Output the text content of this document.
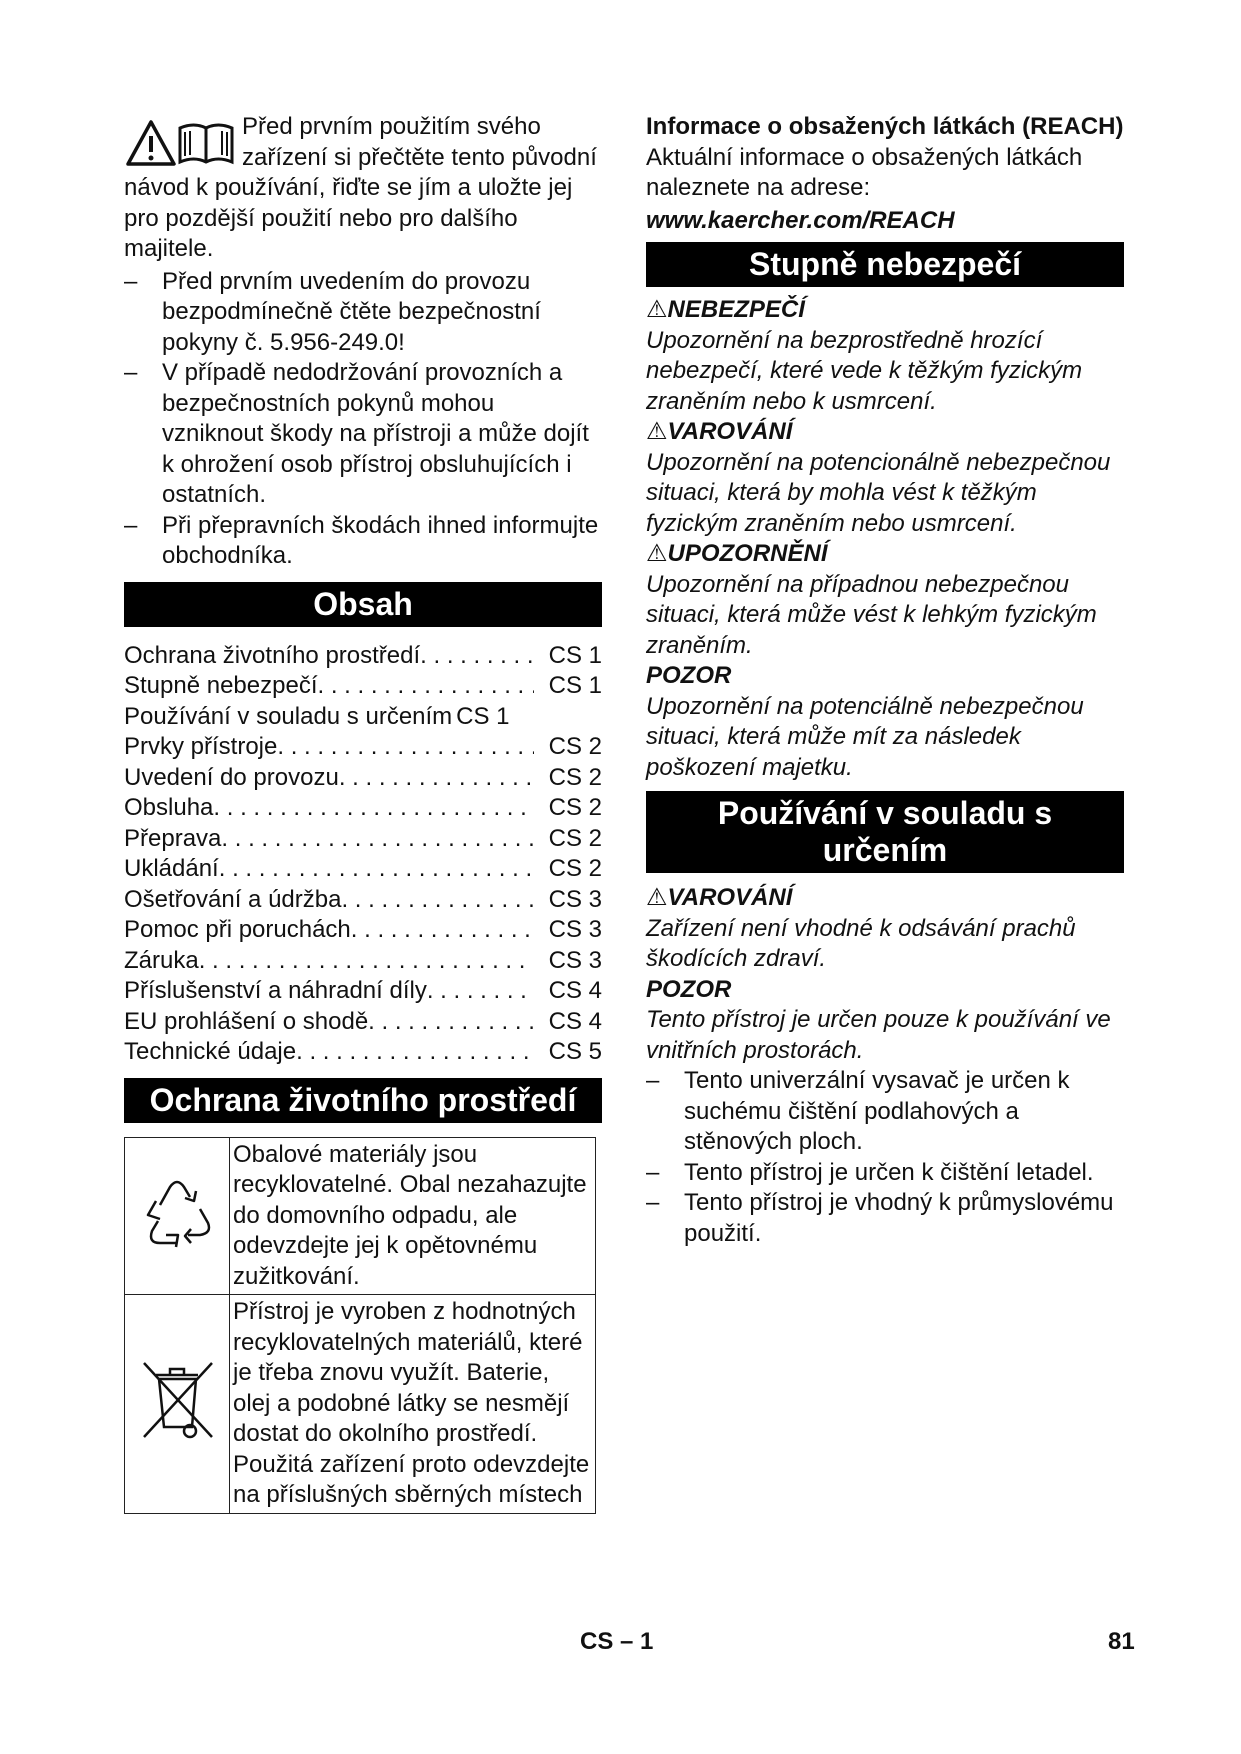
Před prvním použitím svého zařízení si přečtěte tento původní návod k používání, řiďte se jím a uložte jej pro pozdější použití nebo pro dalšího majitele.

– Před prvním uvedením do provozu bezpodmínečně čtěte bezpečnostní pokyny č. 5.956-249.0!
– V případě nedodržování provozních a bezpečnostních pokynů mohou vzniknout škody na přístroji a může dojít k ohrožení osob přístroj obsluhujících i ostatních.
– Při přepravních škodách ihned informujte obchodníka.
Obsah
Ochrana životního prostředí . . .	CS 1
Stupně nebezpečí . . .	CS 1
Používání v souladu s určením CS 1
Prvky přístroje . . .	CS 2
Uvedení do provozu . . .	CS 2
Obsluha . . .	CS 2
Přeprava . . .	CS 2
Ukládání . . .	CS 2
Ošetřování a údržba . . .	CS 3
Pomoc při poruchách . . .	CS 3
Záruka . . .	CS 3
Příslušenství a náhradní díly . . .	CS 4
EU prohlášení o shodě . . .	CS 4
Technické údaje . . .	CS 5
Ochrana životního prostředí
	Obalové materiály jsou recyklovatelné. Obal nezahazujte do domovního odpadu, ale odevzdejte jej k opětovnému zužitkování.
	Přístroj je vyroben z hodnotných recyklovatelných materiálů, které je třeba znovu využít. Baterie, olej a podobné látky se nesmějí dostat do okolního prostředí. Použitá zařízení proto odevzdejte na příslušných sběrných místech

Informace o obsažených látkách (REACH)

Aktuální informace o obsažených látkách naleznete na adrese:

www.kaercher.com/REACH

Stupně nebezpečí

⚠NEBEZPEČÍ

Upozornění na bezprostředně hrozící nebezpečí, které vede k těžkým fyzickým zraněním nebo k usmrcení.

⚠VAROVÁNÍ

Upozornění na potencionálně nebezpečnou situaci, která by mohla vést k těžkým fyzickým zraněním nebo usmrcení.

⚠UPOZORNĚNÍ

Upozornění na případnou nebezpečnou situaci, která může vést k lehkým fyzickým zraněním.

POZOR

Upozornění na potenciálně nebezpečnou situaci, která může mít za následek poškození majetku.

Používání v souladu s určením

⚠VAROVÁNÍ

Zařízení není vhodné k odsávání prachů škodících zdraví.

POZOR

Tento přístroj je určen pouze k používání ve vnitřních prostorách.

– Tento univerzální vysavač je určen k suchému čištění podlahových a stěnových ploch.
– Tento přístroj je určen k čištění letadel.
– Tento přístroj je vhodný k průmyslovému použití.
CS – 1	81
